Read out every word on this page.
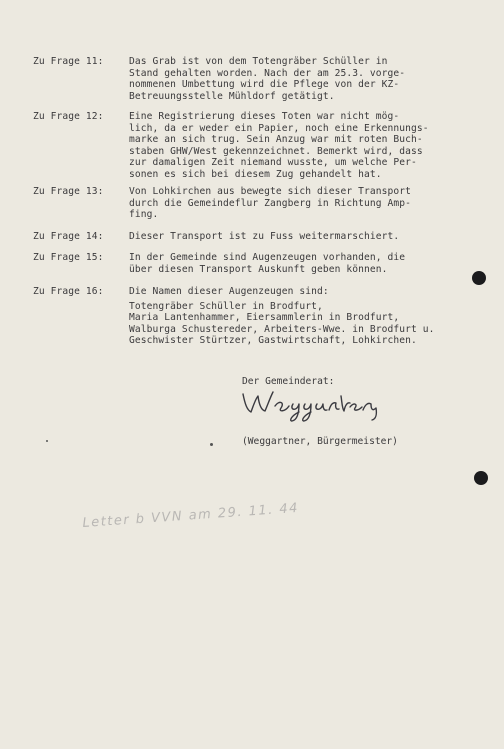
Zu Frage 11:	Das Grab ist von dem Totengräber Schüller in
Stand gehalten worden. Nach der am 25.3. vorge-
nommenen Umbettung wird die Pflege von der KZ-
Betreuungsstelle Mühldorf getätigt.
Zu Frage 12:	Eine Registrierung dieses Toten war nicht mög-
lich, da er weder ein Papier, noch eine Erkennungs-
marke an sich trug. Sein Anzug war mit roten Buch-
staben GHW/West gekennzeichnet. Bemerkt wird, dass
zur damaligen Zeit niemand wusste, um welche Per-
sonen es sich bei diesem Zug gehandelt hat.
Zu Frage 13:	Von Lohkirchen aus bewegte sich dieser Transport
durch die Gemeindeflur Zangberg in Richtung Amp-
fing.
Zu Frage 14:	Dieser Transport ist zu Fuss weitermarschiert.
Zu Frage 15:	In der Gemeinde sind Augenzeugen vorhanden, die
über diesen Transport Auskunft geben können.
Zu Frage 16:	Die Namen dieser Augenzeugen sind:
Totengräber Schüller in Brodfurt,
Maria Lantenhammer, Eiersammlerin in Brodfurt,
Walburga Schustereder, Arbeiters-Wwe. in Brodfurt u.
Geschwister Stürtzer, Gastwirtschaft, Lohkirchen.
Der Gemeinderat:
(Weggartner, Bürgermeister)
Letter b VVN am 29. 11. 44
